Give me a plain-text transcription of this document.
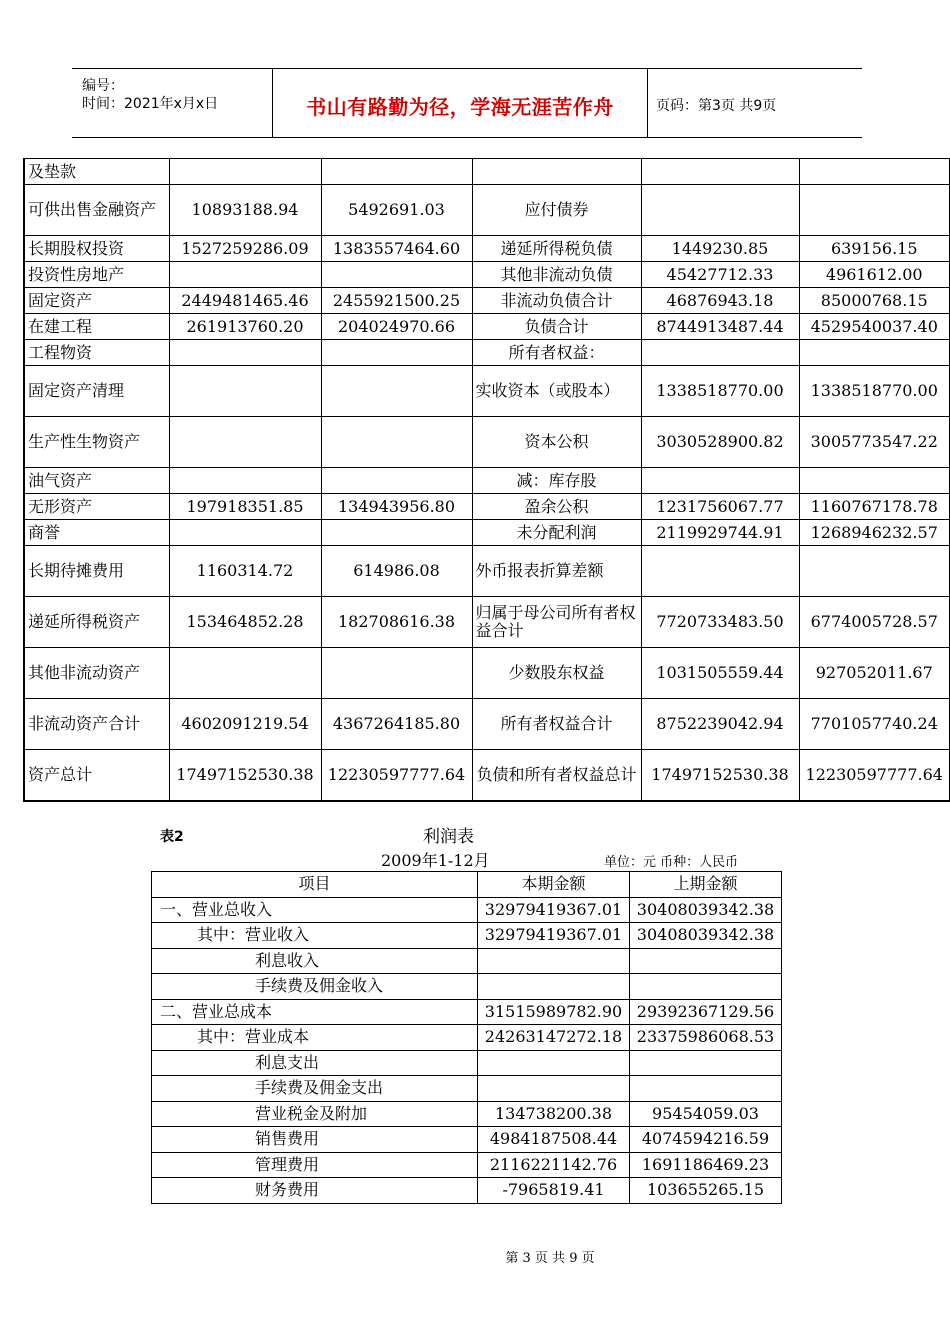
编号：
时间：2021年x月x日	书山有路勤为径，学海无涯苦作舟	页码：第3页 共9页
及垫款					
可供出售金融资产	10893188.94	5492691.03	应付债券		
长期股权投资	1527259286.09	1383557464.60	递延所得税负债	1449230.85	639156.15
投资性房地产			其他非流动负债	45427712.33	4961612.00
固定资产	2449481465.46	2455921500.25	非流动负债合计	46876943.18	85000768.15
在建工程	261913760.20	204024970.66	负债合计	8744913487.44	4529540037.40
工程物资			所有者权益：		
固定资产清理			实收资本（或股本）	1338518770.00	1338518770.00
生产性生物资产			资本公积	3030528900.82	3005773547.22
油气资产			减：库存股		
无形资产	197918351.85	134943956.80	盈余公积	1231756067.77	1160767178.78
商誉			未分配利润	2119929744.91	1268946232.57
长期待摊费用	1160314.72	614986.08	外币报表折算差额		
递延所得税资产	153464852.28	182708616.38	归属于母公司所有者权益合计	7720733483.50	6774005728.57
其他非流动资产			少数股东权益	1031505559.44	927052011.67
非流动资产合计	4602091219.54	4367264185.80	所有者权益合计	8752239042.94	7701057740.24
资产总计	17497152530.38	12230597777.64	负债和所有者权益总计	17497152530.38	12230597777.64
表2	利润表
2009年1-12月	单位：元 币种：人民币
项目	本期金额	上期金额
一、营业总收入	32979419367.01	30408039342.38
其中：营业收入	32979419367.01	30408039342.38
利息收入		
手续费及佣金收入		
二、营业总成本	31515989782.90	29392367129.56
其中：营业成本	24263147272.18	23375986068.53
利息支出		
手续费及佣金支出		
营业税金及附加	134738200.38	95454059.03
销售费用	4984187508.44	4074594216.59
管理费用	2116221142.76	1691186469.23
财务费用	-7965819.41	103655265.15
第 3 页 共 9 页
